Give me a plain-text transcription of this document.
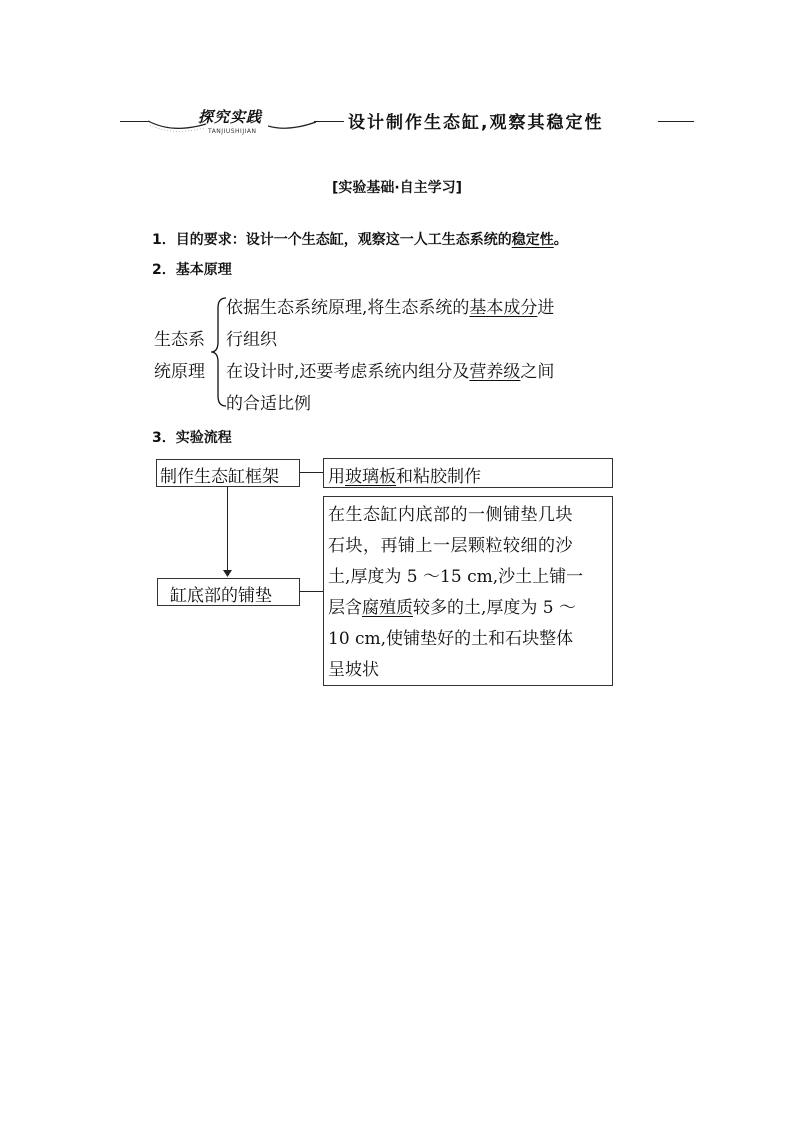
探究实践
TANJIUSHIJIAN	设计制作生态缸,观察其稳定性
[实验基础·自主学习]
1．目的要求：设计一个生态缸，观察这一人工生态系统的稳定性。
2．基本原理
生态系
统原理
依据生态系统原理,将生态系统的基本成分进
行组织
在设计时,还要考虑系统内组分及营养级之间
的合适比例
3．实验流程
制作生态缸框架	用玻璃板和粘胶制作
缸底部的铺垫
在生态缸内底部的一侧铺垫几块
石块，再铺上一层颗粒较细的沙
土,厚度为 5 ～15 cm,沙土上铺一
层含腐殖质较多的土,厚度为 5 ～
10 cm,使铺垫好的土和石块整体
呈坡状
